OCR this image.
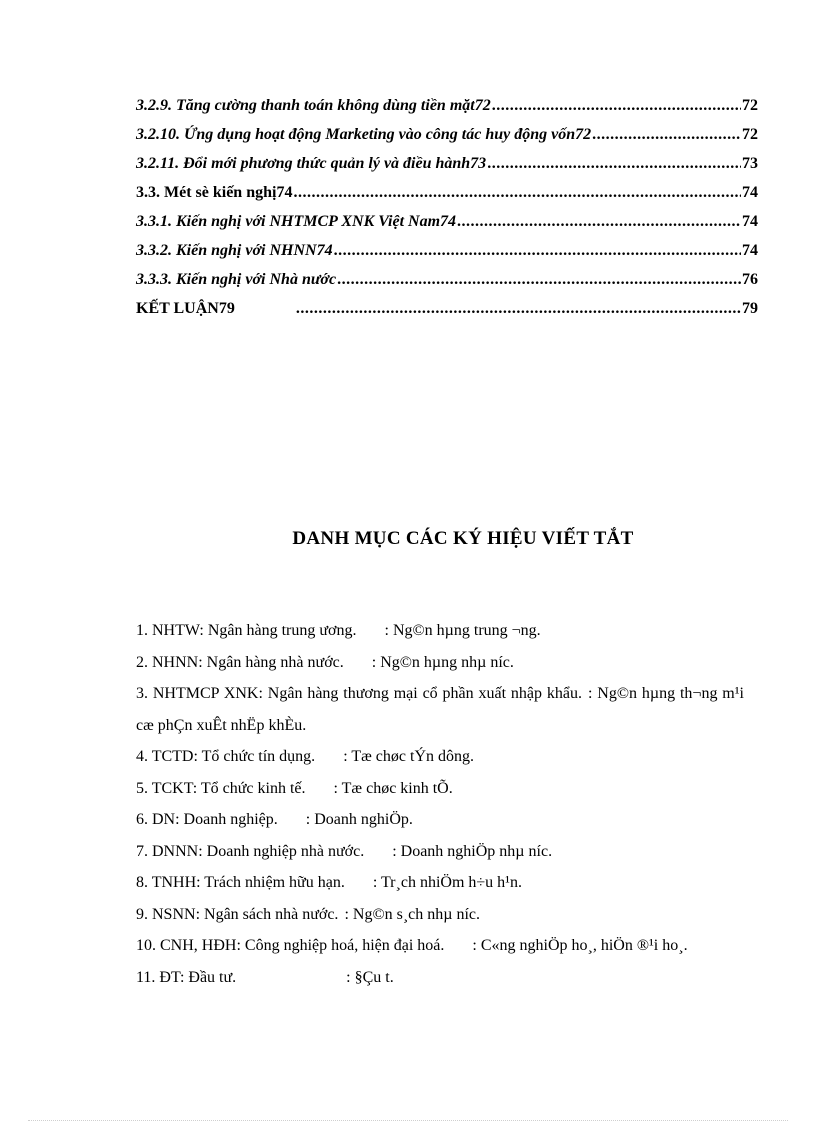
3.2.9. Tăng cường thanh toán không dùng tiền mặt72 .....	72
3.2.10. Ứng dụng hoạt động Marketing vào công tác huy động vốn72 .....	72
3.2.11. Đổi mới phương thức quản lý và điều hành73 .....	73
3.3. Mét sè kiến nghị74 .....	74
3.3.1. Kiến nghị với NHTMCP XNK Việt Nam74 .....	74
3.3.2. Kiến nghị với NHNN74 .....	74
3.3.3. Kiến nghị với Nhà nước .....	76
KẾT LUẬN79 .....	79
DANH MỤC CÁC KÝ HIỆU VIẾT TẮT
1. NHTW: Ngân hàng trung ương. : Ng©n hµng trung ¬ng.
2. NHNN: Ngân hàng nhà nước. : Ng©n hµng nhµ níc.
3. NHTMCP XNK: Ngân hàng thương mại cổ phần xuất nhập khẩu. : Ng©n hµng th¬ng m¹i cæ phÇn xuÊt nhËp khÈu.
4. TCTD: Tổ chức tín dụng. : Tæ chøc tÝn dông.
5. TCKT: Tổ chức kinh tế. : Tæ chøc kinh tÕ.
6. DN: Doanh nghiệp. : Doanh nghiÖp.
7. DNNN: Doanh nghiệp nhà nước. : Doanh nghiÖp nhµ níc.
8. TNHH: Trách nhiệm hữu hạn. : Tr¸ch nhiÖm h÷u h¹n.
9. NSNN: Ngân sách nhà nước. : Ng©n s¸ch nhµ níc.
10. CNH, HĐH: Công nghiệp hoá, hiện đại hoá. : C«ng nghiÖp ho¸, hiÖn ®¹i ho¸.
11. ĐT: Đầu tư.	: §Çu t.
